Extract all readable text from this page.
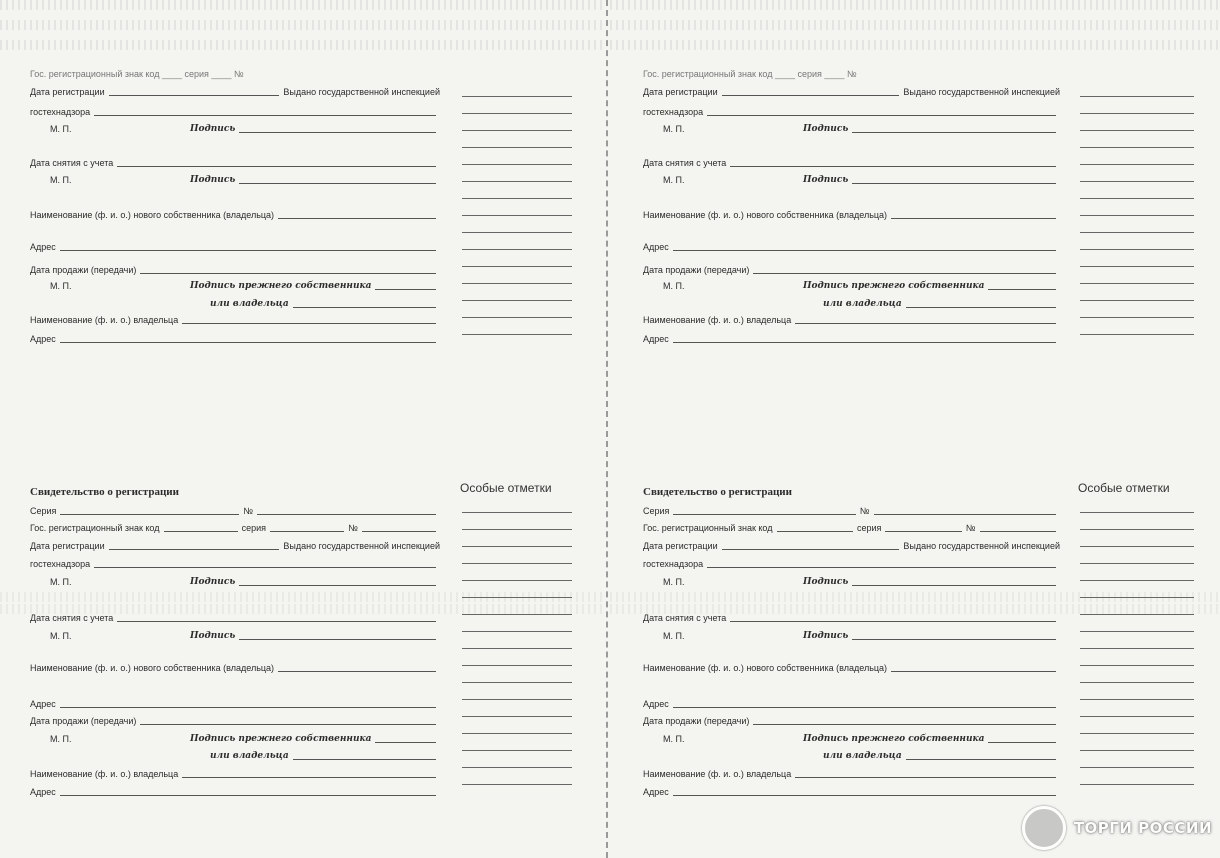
Гос. регистрационный знак код ____ серия ____ №
Дата регистрации	Выдано государственной инспекцией
гостехнадзора
М. П.	Подпись
Дата снятия с учета
М. П.	Подпись
Наименование (ф. и. о.) нового собственника (владельца)
Адрес
Дата продажи (передачи)
М. П.	Подпись прежнего собственника
или владельца
Наименование (ф. и. о.) владельца
Адрес
Свидетельство о регистрации	Особые отметки
Серия	№
Гос. регистрационный знак код	серия	№
Дата регистрации	Выдано государственной инспекцией
гостехнадзора
М. П.	Подпись
Дата снятия с учета
М. П.	Подпись
Наименование (ф. и. о.) нового собственника (владельца)
Адрес
Дата продажи (передачи)
М. П.	Подпись прежнего собственника
или владельца
Наименование (ф. и. о.) владельца
Адрес
Гос. регистрационный знак код ____ серия ____ №
Дата регистрации	Выдано государственной инспекцией
гостехнадзора
М. П.	Подпись
Дата снятия с учета
М. П.	Подпись
Наименование (ф. и. о.) нового собственника (владельца)
Адрес
Дата продажи (передачи)
М. П.	Подпись прежнего собственника
или владельца
Наименование (ф. и. о.) владельца
Адрес
Свидетельство о регистрации	Особые отметки
Серия	№
Гос. регистрационный знак код	серия	№
Дата регистрации	Выдано государственной инспекцией
гостехнадзора
М. П.	Подпись
Дата снятия с учета
М. П.	Подпись
Наименование (ф. и. о.) нового собственника (владельца)
Адрес
Дата продажи (передачи)
М. П.	Подпись прежнего собственника
или владельца
Наименование (ф. и. о.) владельца
Адрес
ТОРГИ РОССИИ
